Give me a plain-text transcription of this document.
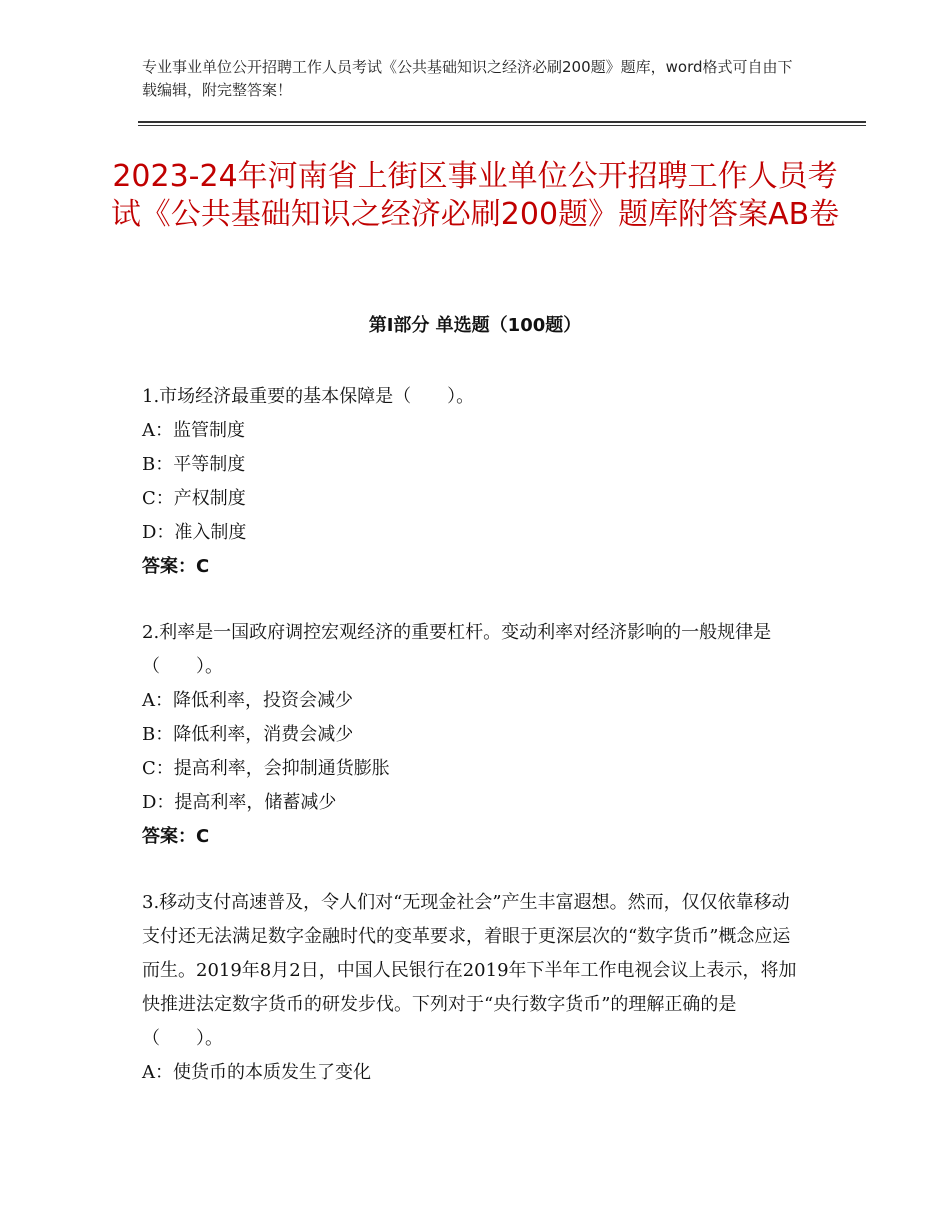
专业事业单位公开招聘工作人员考试《公共基础知识之经济必刷200题》题库，word格式可自由下载编辑，附完整答案！
2023-24年河南省上街区事业单位公开招聘工作人员考试《公共基础知识之经济必刷200题》题库附答案AB卷
第Ⅰ部分 单选题（100题）

1.市场经济最重要的基本保障是（　　）。

A：监管制度

B：平等制度

C：产权制度

D：准入制度

答案：C

2.利率是一国政府调控宏观经济的重要杠杆。变动利率对经济影响的一般规律是（　　）。

A：降低利率，投资会减少

B：降低利率，消费会减少

C：提高利率，会抑制通货膨胀

D：提高利率，储蓄减少

答案：C

3.移动支付高速普及，令人们对“无现金社会”产生丰富遐想。然而，仅仅依靠移动支付还无法满足数字金融时代的变革要求，着眼于更深层次的“数字货币”概念应运而生。2019年8月2日，中国人民银行在2019年下半年工作电视会议上表示，将加快推进法定数字货币的研发步伐。下列对于“央行数字货币”的理解正确的是（　　）。

A：使货币的本质发生了变化
